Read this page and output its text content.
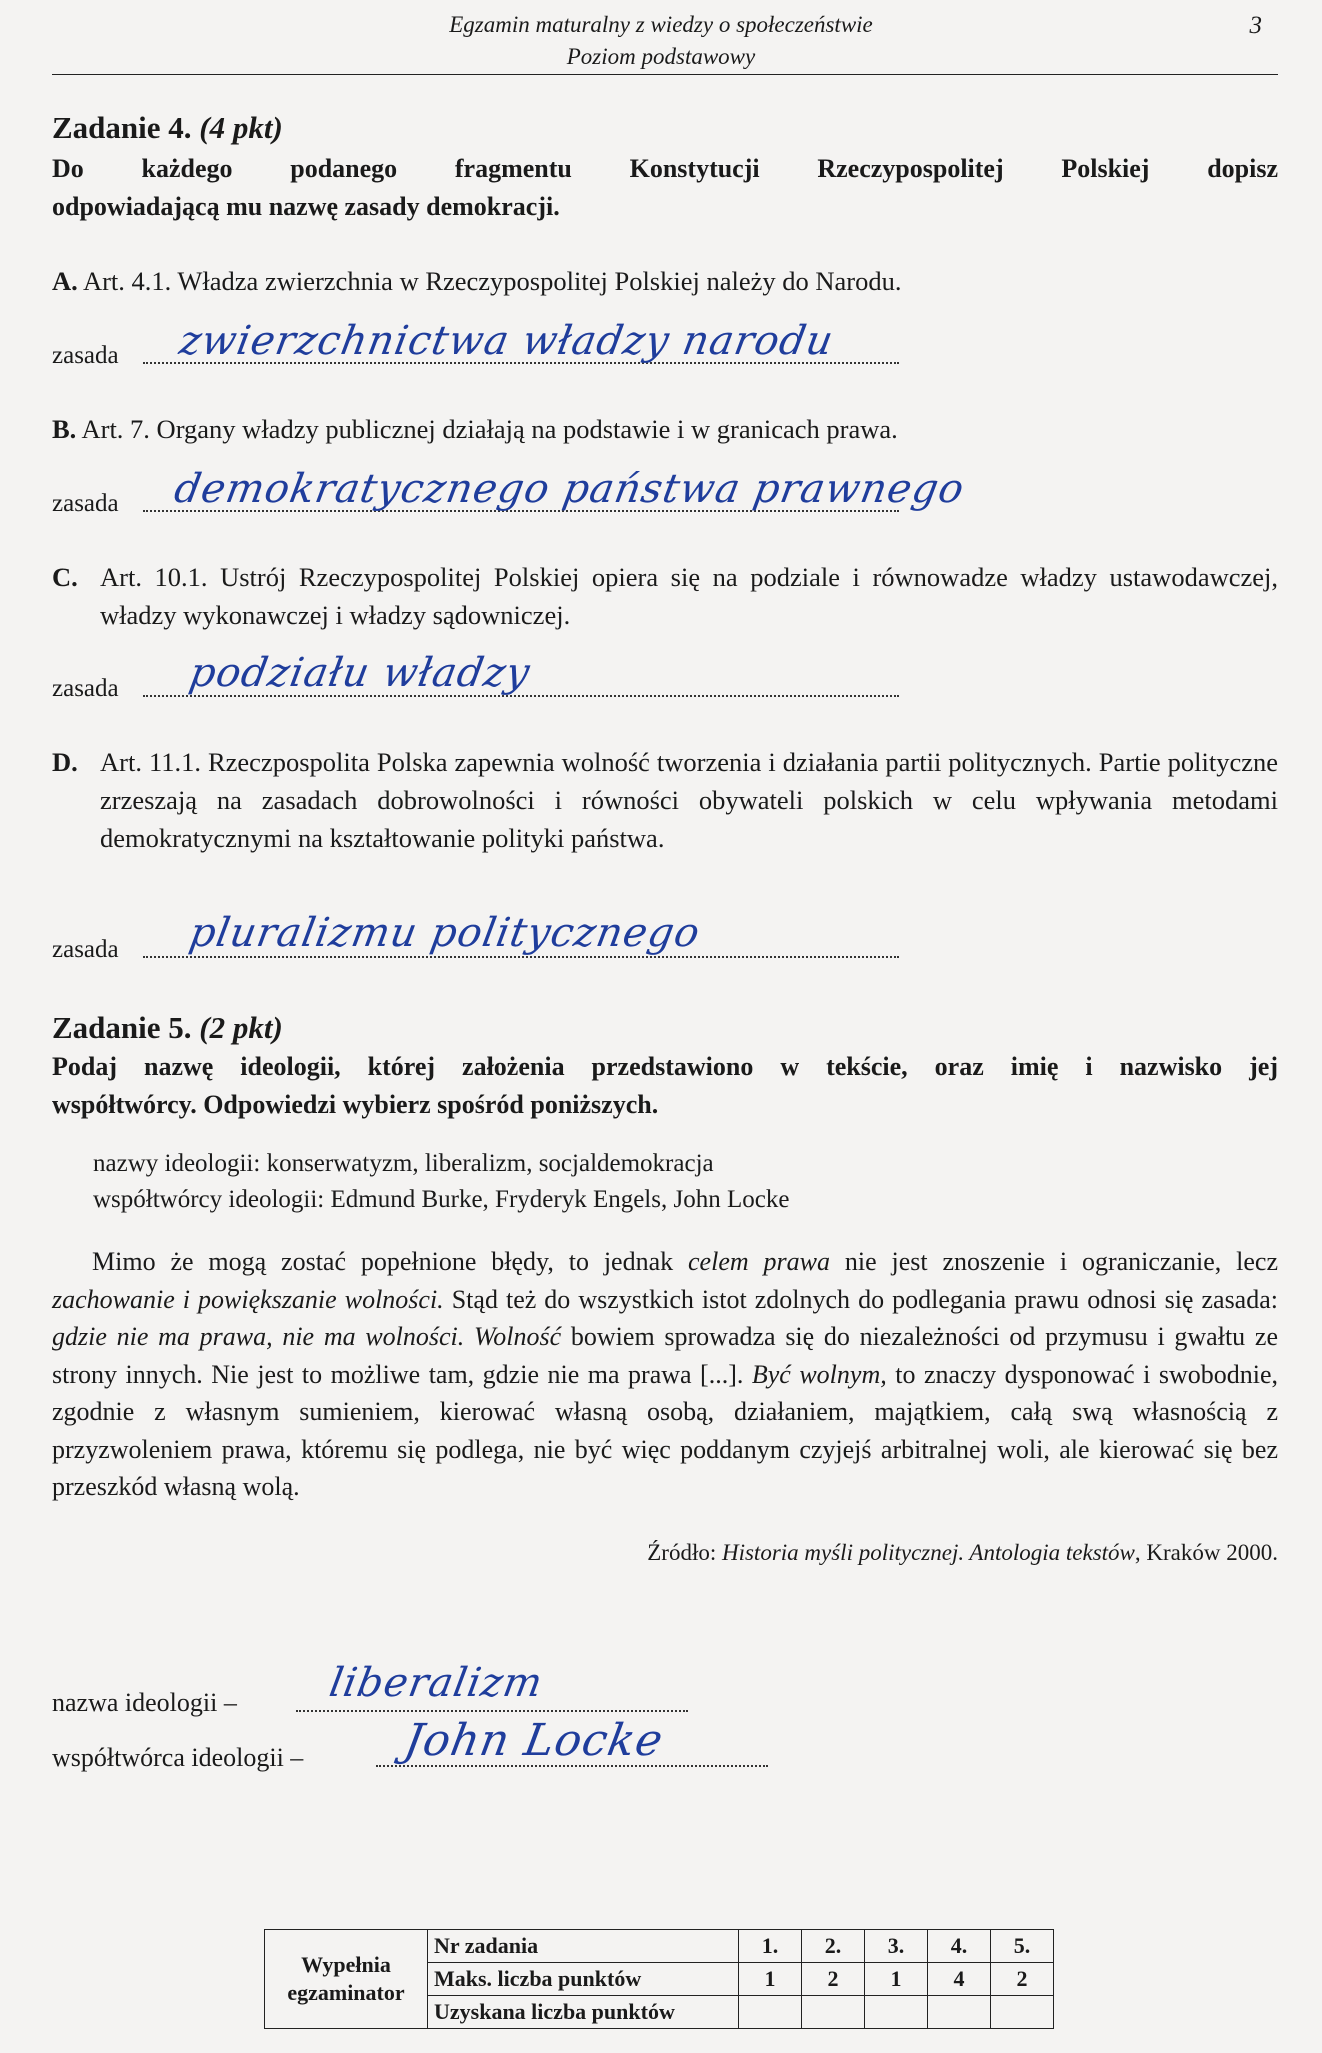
Egzamin maturalny z wiedzy o społeczeństwie
Poziom podstawowy
3
Zadanie 4. (4 pkt)
Do każdego podanego fragmentu Konstytucji Rzeczypospolitej Polskiej dopisz
odpowiadającą mu nazwę zasady demokracji.
A. Art. 4.1. Władza zwierzchnia w Rzeczypospolitej Polskiej należy do Narodu.
zasada zwierzchnictwa władzy narodu
B. Art. 7. Organy władzy publicznej działają na podstawie i w granicach prawa.
zasada demokratycznego państwa prawnego
C. Art. 10.1. Ustrój Rzeczypospolitej Polskiej opiera się na podziale i równowadze władzy ustawodawczej, władzy wykonawczej i władzy sądowniczej.
zasada podziału władzy
D. Art. 11.1. Rzeczpospolita Polska zapewnia wolność tworzenia i działania partii politycznych. Partie polityczne zrzeszają na zasadach dobrowolności i równości obywateli polskich w celu wpływania metodami demokratycznymi na kształtowanie polityki państwa.
zasada pluralizmu politycznego
Zadanie 5. (2 pkt)
Podaj nazwę ideologii, której założenia przedstawiono w tekście, oraz imię i nazwisko jej
współtwórcy. Odpowiedzi wybierz spośród poniższych.
nazwy ideologii: konserwatyzm, liberalizm, socjaldemokracja
współtwórcy ideologii: Edmund Burke, Fryderyk Engels, John Locke
Mimo że mogą zostać popełnione błędy, to jednak celem prawa nie jest znoszenie i ograniczanie, lecz zachowanie i powiększanie wolności. Stąd też do wszystkich istot zdolnych do podlegania prawu odnosi się zasada: gdzie nie ma prawa, nie ma wolności. Wolność bowiem sprowadza się do niezależności od przymusu i gwałtu ze strony innych. Nie jest to możliwe tam, gdzie nie ma prawa [...]. Być wolnym, to znaczy dysponować i swobodnie, zgodnie z własnym sumieniem, kierować własną osobą, działaniem, majątkiem, całą swą własnością z przyzwoleniem prawa, któremu się podlega, nie być więc poddanym czyjejś arbitralnej woli, ale kierować się bez przeszkód własną wolą.
Źródło: Historia myśli politycznej. Antologia tekstów, Kraków 2000.
nazwa ideologii – liberalizm
współtwórca ideologii – John Locke
Wypełnia
egzaminator	Nr zadania	1.	2.	3.	4.	5.
	Maks. liczba punktów	1	2	1	4	2
	Uzyskana liczba punktów					
